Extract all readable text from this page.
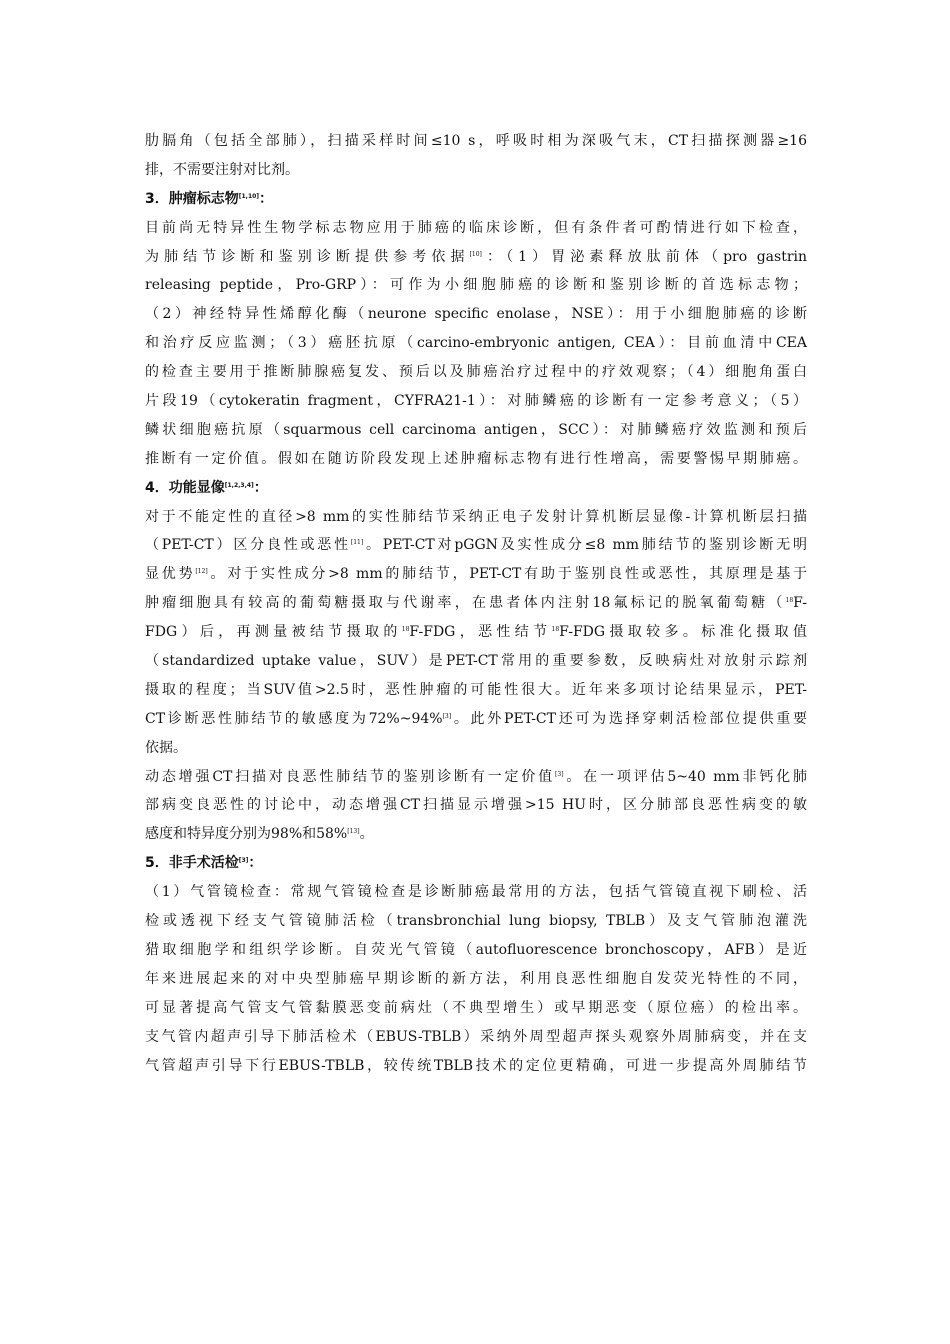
肋膈角（包括全部肺），扫描采样时间≤10 s，呼吸时相为深吸气末，CT扫描探测器≥16
排，不需要注射对比剂。
3．肿瘤标志物[1,10]：
目前尚无特异性生物学标志物应用于肺癌的临床诊断，但有条件者可酌情进行如下检查，
为肺结节诊断和鉴别诊断提供参考依据[10]：（1）胃泌素释放肽前体（pro gastrin
releasing peptide，Pro-GRP）：可作为小细胞肺癌的诊断和鉴别诊断的首选标志物；
（2）神经特异性烯醇化酶（neurone specific enolase，NSE）：用于小细胞肺癌的诊断
和治疗反应监测；（3）癌胚抗原（carcino-embryonic antigen, CEA）：目前血清中CEA
的检查主要用于推断肺腺癌复发、预后以及肺癌治疗过程中的疗效观察；（4）细胞角蛋白
片段19（cytokeratin fragment，CYFRA21-1）：对肺鳞癌的诊断有一定参考意义；（5）
鳞状细胞癌抗原（squarmous cell carcinoma antigen，SCC）：对肺鳞癌疗效监测和预后
推断有一定价值。假如在随访阶段发现上述肿瘤标志物有进行性增高，需要警惕早期肺癌。
4．功能显像[1,2,3,4]：
对于不能定性的直径>8 mm的实性肺结节采纳正电子发射计算机断层显像-计算机断层扫描
（PET-CT）区分良性或恶性[11]。PET-CT对pGGN及实性成分≤8 mm肺结节的鉴别诊断无明
显优势[12]。对于实性成分>8 mm的肺结节，PET-CT有助于鉴别良性或恶性，其原理是基于
肿瘤细胞具有较高的葡萄糖摄取与代谢率，在患者体内注射18氟标记的脱氧葡萄糖（$^{18}$F-
FDG）后，再测量被结节摄取的$^{18}$F-FDG，恶性结节$^{18}$F-FDG摄取较多。标准化摄取值
（standardized uptake value，SUV）是PET-CT常用的重要参数，反映病灶对放射示踪剂
摄取的程度；当SUV值>2.5时，恶性肿瘤的可能性很大。近年来多项讨论结果显示，PET-
CT诊断恶性肺结节的敏感度为72%~94%[3]。此外PET-CT还可为选择穿刺活检部位提供重要
依据。
动态增强CT扫描对良恶性肺结节的鉴别诊断有一定价值[3]。在一项评估5~40 mm非钙化肺
部病变良恶性的讨论中，动态增强CT扫描显示增强>15 HU时，区分肺部良恶性病变的敏
感度和特异度分别为98%和58%[13]。
5．非手术活检[3]：
（1）气管镜检查：常规气管镜检查是诊断肺癌最常用的方法，包括气管镜直视下刷检、活
检或透视下经支气管镜肺活检（transbronchial lung biopsy, TBLB）及支气管肺泡灌洗
猎取细胞学和组织学诊断。自荧光气管镜（autofluorescence bronchoscopy，AFB）是近
年来进展起来的对中央型肺癌早期诊断的新方法，利用良恶性细胞自发荧光特性的不同，
可显著提高气管支气管黏膜恶变前病灶（不典型增生）或早期恶变（原位癌）的检出率。
支气管内超声引导下肺活检术（EBUS-TBLB）采纳外周型超声探头观察外周肺病变，并在支
气管超声引导下行EBUS-TBLB，较传统TBLB技术的定位更精确，可进一步提高外周肺结节
